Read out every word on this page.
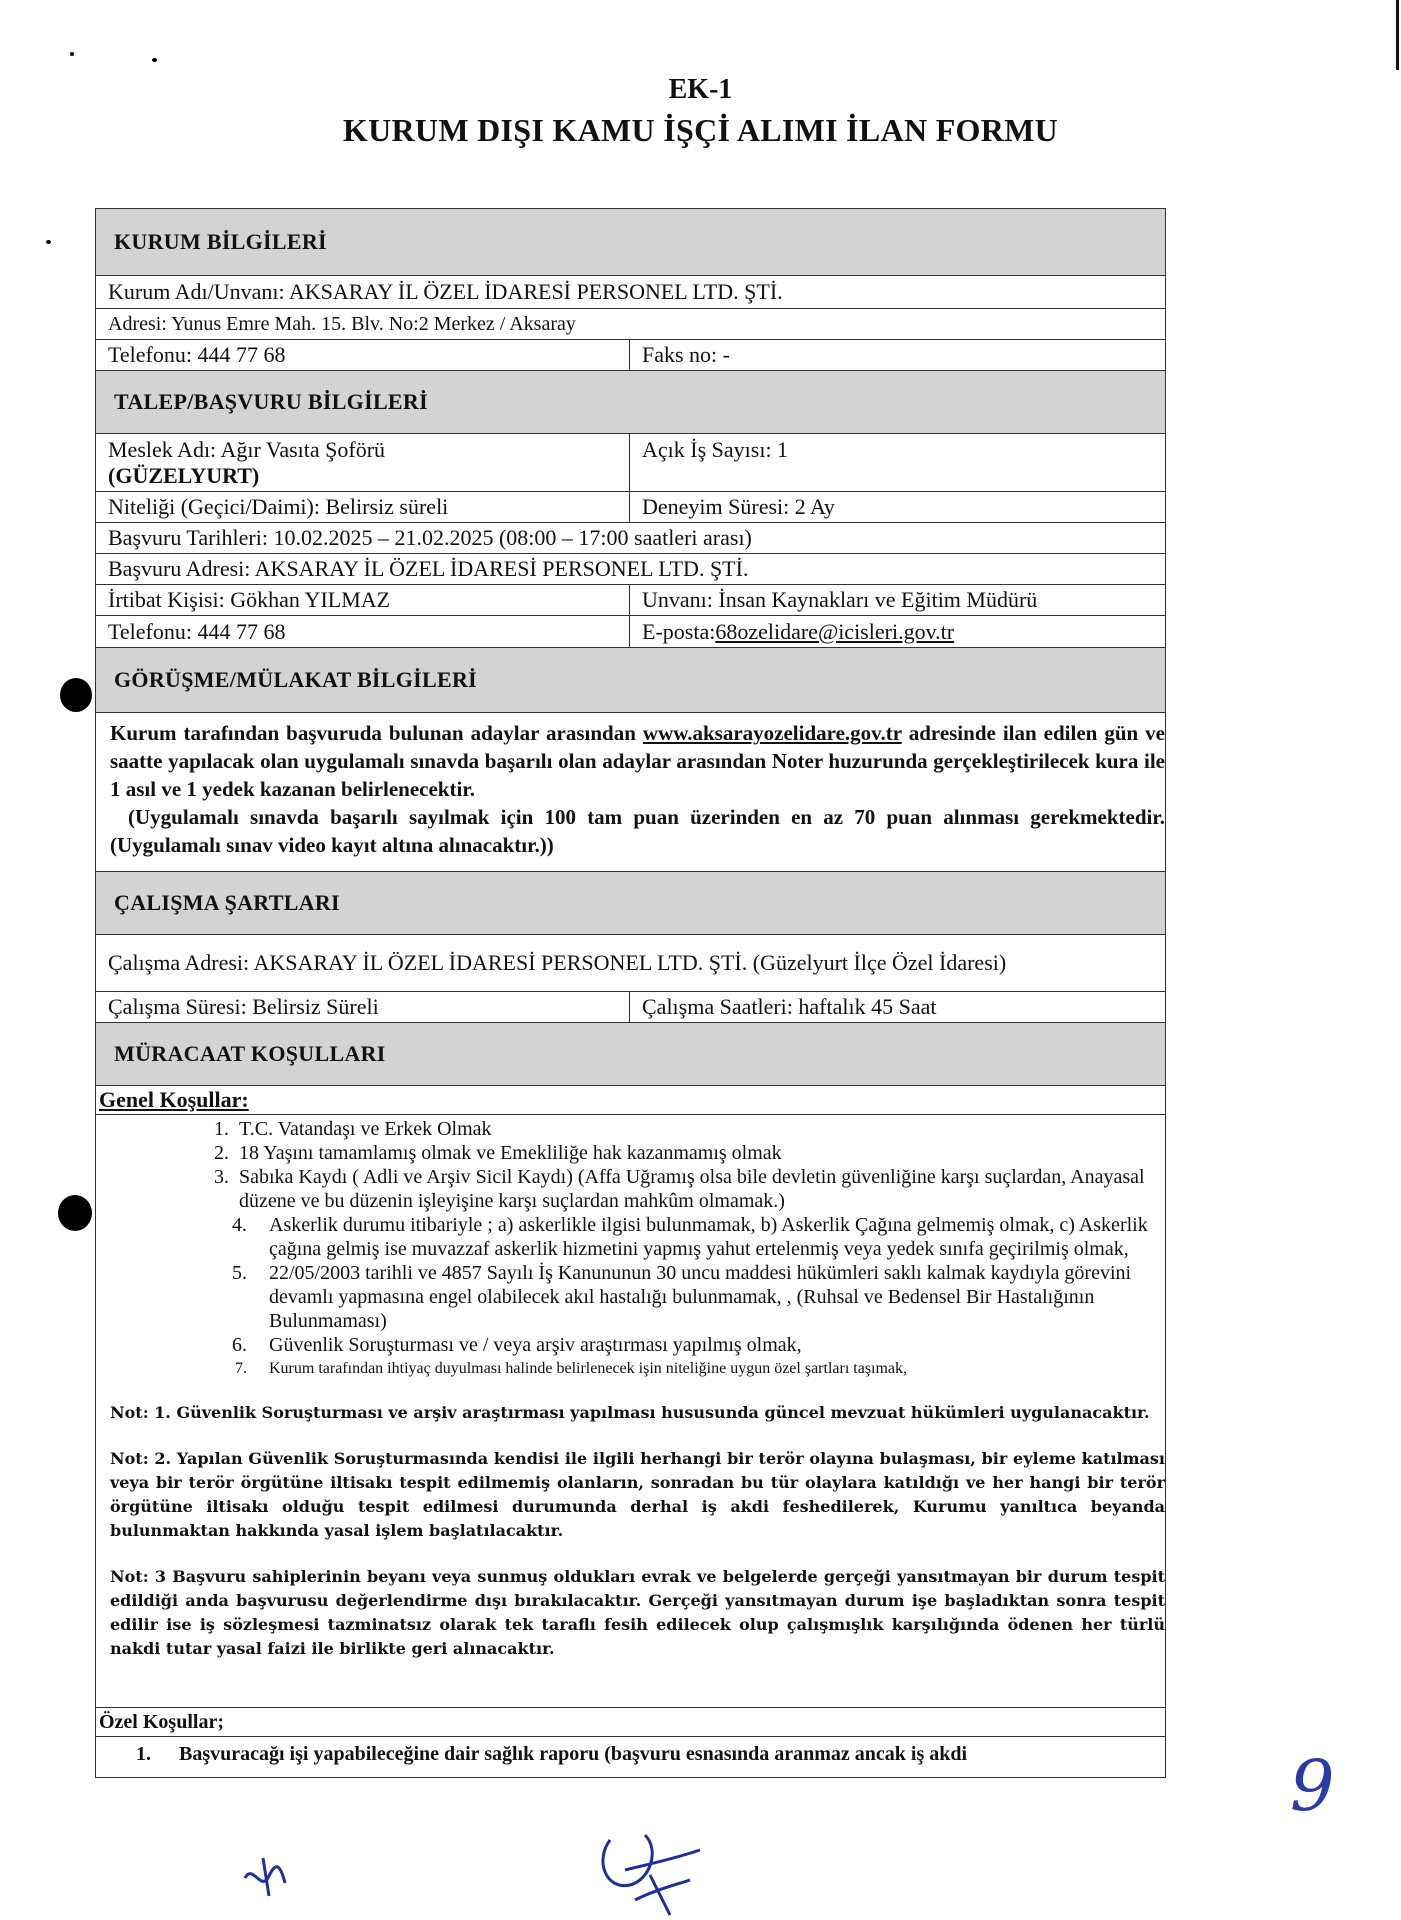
EK-1
KURUM DIŞI KAMU İŞÇİ ALIMI İLAN FORMU
KURUM BİLGİLERİ
Kurum Adı/Unvanı: AKSARAY İL ÖZEL İDARESİ PERSONEL LTD. ŞTİ.
Adresi: Yunus Emre Mah. 15. Blv. No:2 Merkez / Aksaray
Telefonu: 444 77 68	Faks no: -
TALEP/BAŞVURU BİLGİLERİ
Meslek Adı: Ağır Vasıta Şoförü
(GÜZELYURT)
Açık İş Sayısı: 1
Niteliği (Geçici/Daimi): Belirsiz süreli	Deneyim Süresi: 2 Ay
Başvuru Tarihleri: 10.02.2025 – 21.02.2025 (08:00 – 17:00 saatleri arası)
Başvuru Adresi: AKSARAY İL ÖZEL İDARESİ PERSONEL LTD. ŞTİ.
İrtibat Kişisi: Gökhan YILMAZ	Unvanı: İnsan Kaynakları ve Eğitim Müdürü
Telefonu: 444 77 68	E-posta: 68ozelidare@icisleri.gov.tr
GÖRÜŞME/MÜLAKAT BİLGİLERİ
Kurum tarafından başvuruda bulunan adaylar arasından www.aksarayozelidare.gov.tr adresinde ilan edilen gün ve saatte yapılacak olan uygulamalı sınavda başarılı olan adaylar arasından Noter huzurunda gerçekleştirilecek kura ile 1 asıl ve 1 yedek kazanan belirlenecektir.
(Uygulamalı sınavda başarılı sayılmak için 100 tam puan üzerinden en az 70 puan alınması gerekmektedir. (Uygulamalı sınav video kayıt altına alınacaktır.))
ÇALIŞMA ŞARTLARI
Çalışma Adresi: AKSARAY İL ÖZEL İDARESİ PERSONEL LTD. ŞTİ. (Güzelyurt İlçe Özel İdaresi)
Çalışma Süresi: Belirsiz Süreli	Çalışma Saatleri: haftalık 45 Saat
MÜRACAAT KOŞULLARI
Genel Koşullar:
1. T.C. Vatandaşı ve Erkek Olmak
2. 18 Yaşını tamamlamış olmak ve Emekliliğe hak kazanmamış olmak
3. Sabıka Kaydı ( Adli ve Arşiv Sicil Kaydı) (Affa Uğramış olsa bile devletin güvenliğine karşı suçlardan, Anayasal düzene ve bu düzenin işleyişine karşı suçlardan mahkûm olmamak.)
4.	Askerlik durumu itibariyle ; a) askerlikle ilgisi bulunmamak, b) Askerlik Çağına gelmemiş olmak, c) Askerlik çağına gelmiş ise muvazzaf askerlik hizmetini yapmış yahut ertelenmiş veya yedek sınıfa geçirilmiş olmak,
5.	22/05/2003 tarihli ve 4857 Sayılı İş Kanununun 30 uncu maddesi hükümleri saklı kalmak kaydıyla görevini devamlı yapmasına engel olabilecek akıl hastalığı bulunmamak, , (Ruhsal ve Bedensel Bir Hastalığının Bulunmaması)
6.	Güvenlik Soruşturması ve / veya arşiv araştırması yapılmış olmak,
7.	Kurum tarafından ihtiyaç duyulması halinde belirlenecek işin niteliğine uygun özel şartları taşımak,
Not: 1. Güvenlik Soruşturması ve arşiv araştırması yapılması hususunda güncel mevzuat hükümleri uygulanacaktır.
Not: 2. Yapılan Güvenlik Soruşturmasında kendisi ile ilgili herhangi bir terör olayına bulaşması, bir eyleme katılması veya bir terör örgütüne iltisakı tespit edilmemiş olanların, sonradan bu tür olaylara katıldığı ve her hangi bir terör örgütüne iltisakı olduğu tespit edilmesi durumunda derhal iş akdi feshedilerek, Kurumu yanıltıca beyanda bulunmaktan hakkında yasal işlem başlatılacaktır.
Not: 3 Başvuru sahiplerinin beyanı veya sunmuş oldukları evrak ve belgelerde gerçeği yansıtmayan bir durum tespit edildiği anda başvurusu değerlendirme dışı bırakılacaktır. Gerçeği yansıtmayan durum işe başladıktan sonra tespit edilir ise iş sözleşmesi tazminatsız olarak tek taraflı fesih edilecek olup çalışmışlık karşılığında ödenen her türlü nakdi tutar yasal faizi ile birlikte geri alınacaktır.
Özel Koşullar;
1. Başvuracağı işi yapabileceğine dair sağlık raporu (başvuru esnasında aranmaz ancak iş akdi	9
